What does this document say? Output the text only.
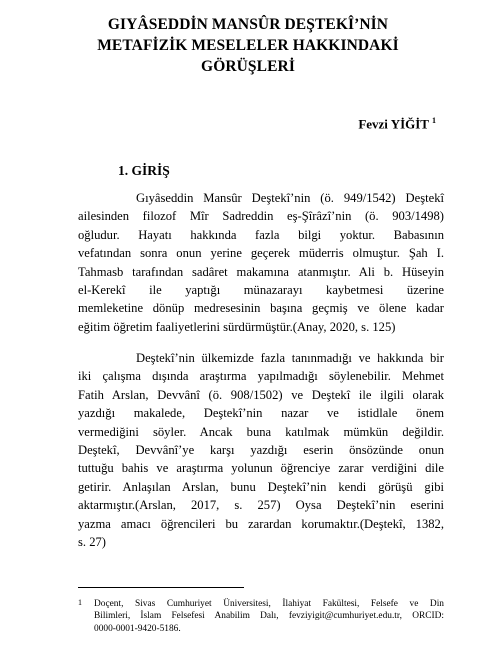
GIYÂSEDDİN MANSÛR DEŞTEKÎ’NİN
METAFİZİK MESELELER HAKKINDAKİ
GÖRÜŞLERİ
Fevzi YİĞİT $^1$
1. GİRİŞ
Gıyâseddin Mansûr Deştekî’nin (ö. 949/1542) Deştekî
ailesinden filozof Mîr Sadreddin eş-Şîrâzî’nin (ö. 903/1498)
oğludur. Hayatı hakkında fazla bilgi yoktur. Babasının
vefatından sonra onun yerine geçerek müderris olmuştur. Şah I.
Tahmasb tarafından sadâret makamına atanmıştır. Ali b. Hüseyin
el-Kerekî ile yaptığı münazarayı kaybetmesi üzerine
memleketine dönüp medresesinin başına geçmiş ve ölene kadar
eğitim öğretim faaliyetlerini sürdürmüştür.(Anay, 2020, s. 125)
Deştekî’nin ülkemizde fazla tanınmadığı ve hakkında bir
iki çalışma dışında araştırma yapılmadığı söylenebilir. Mehmet
Fatih Arslan, Devvânî (ö. 908/1502) ve Deştekî ile ilgili olarak
yazdığı makalede, Deştekî’nin nazar ve istidlale önem
vermediğini söyler. Ancak buna katılmak mümkün değildir.
Deştekî, Devvânî’ye karşı yazdığı eserin önsözünde onun
tuttuğu bahis ve araştırma yolunun öğrenciye zarar verdiğini dile
getirir. Anlaşılan Arslan, bunu Deştekî’nin kendi görüşü gibi
aktarmıştır.(Arslan, 2017, s. 257) Oysa Deştekî’nin eserini
yazma amacı öğrencileri bu zarardan korumaktır.(Deştekî, 1382,
s. 27)
1 Doçent, Sivas Cumhuriyet Üniversitesi, İlahiyat Fakültesi, Felsefe ve Din
Bilimleri, İslam Felsefesi Anabilim Dalı, fevziyigit@cumhuriyet.edu.tr, ORCID:
0000-0001-9420-5186.
